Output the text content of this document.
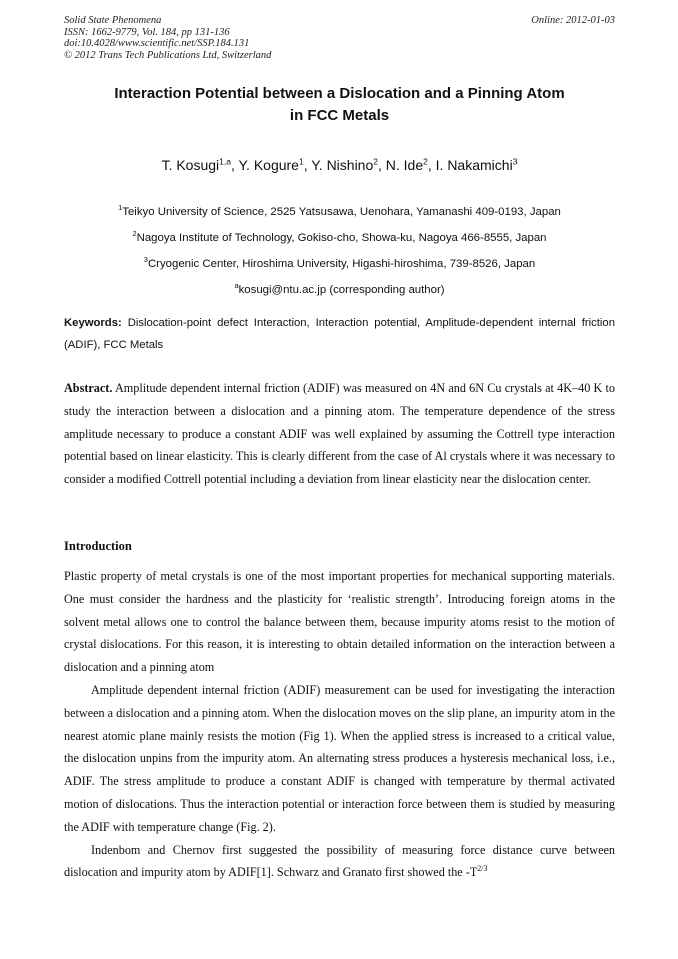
Solid State Phenomena
ISSN: 1662-9779, Vol. 184, pp 131-136
doi:10.4028/www.scientific.net/SSP.184.131
© 2012 Trans Tech Publications Ltd, Switzerland
Online: 2012-01-03
Interaction Potential between a Dislocation and a Pinning Atom
in FCC Metals
T. Kosugi$^{1,a}$, Y. Kogure$^1$, Y. Nishino$^2$, N. Ide$^2$, I. Nakamichi$^3$
$^1$Teikyo University of Science, 2525 Yatsusawa, Uenohara, Yamanashi 409-0193, Japan
$^2$Nagoya Institute of Technology, Gokiso-cho, Showa-ku, Nagoya 466-8555, Japan
$^3$Cryogenic Center, Hiroshima University, Higashi-hiroshima, 739-8526, Japan
$^a$kosugi@ntu.ac.jp (corresponding author)
Keywords: Dislocation-point defect Interaction, Interaction potential, Amplitude-dependent internal friction (ADIF), FCC Metals
Abstract. Amplitude dependent internal friction (ADIF) was measured on 4N and 6N Cu crystals at 4K–40 K to study the interaction between a dislocation and a pinning atom. The temperature dependence of the stress amplitude necessary to produce a constant ADIF was well explained by assuming the Cottrell type interaction potential based on linear elasticity. This is clearly different from the case of Al crystals where it was necessary to consider a modified Cottrell potential including a deviation from linear elasticity near the dislocation center.
Introduction

Plastic property of metal crystals is one of the most important properties for mechanical supporting materials. One must consider the hardness and the plasticity for ‘realistic strength’. Introducing foreign atoms in the solvent metal allows one to control the balance between them, because impurity atoms resist to the motion of crystal dislocations. For this reason, it is interesting to obtain detailed information on the interaction between a dislocation and a pinning atom

Amplitude dependent internal friction (ADIF) measurement can be used for investigating the interaction between a dislocation and a pinning atom. When the dislocation moves on the slip plane, an impurity atom in the nearest atomic plane mainly resists the motion (Fig 1). When the applied stress is increased to a critical value, the dislocation unpins from the impurity atom. An alternating stress produces a hysteresis mechanical loss, i.e., ADIF. The stress amplitude to produce a constant ADIF is changed with temperature by thermal activated motion of dislocations. Thus the interaction potential or interaction force between them is studied by measuring the ADIF with temperature change (Fig. 2).

Indenbom and Chernov first suggested the possibility of measuring force distance curve between dislocation and impurity atom by ADIF[1]. Schwarz and Granato first showed the $-T^{2/3}$
